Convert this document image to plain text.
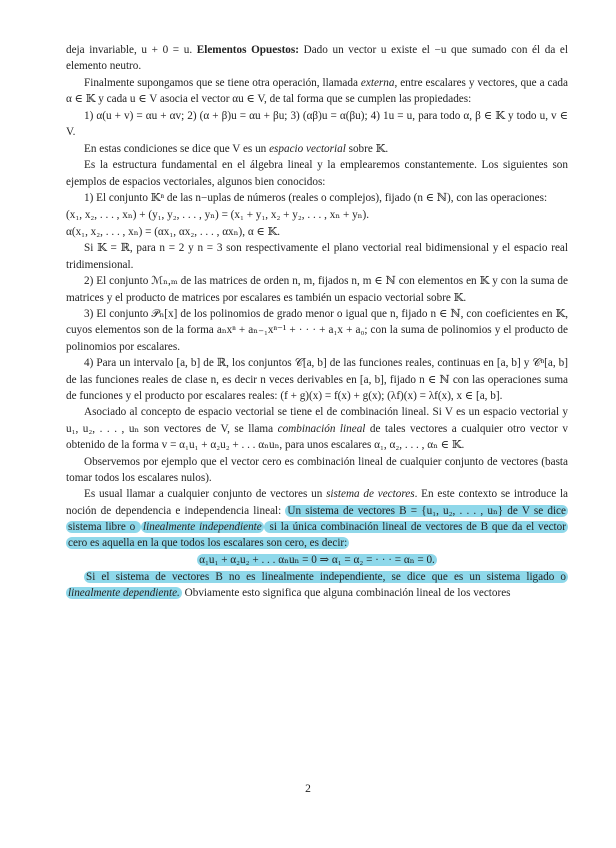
deja invariable, u + 0 = u. Elementos Opuestos: Dado un vector u existe el −u que sumado con él da el elemento neutro.

Finalmente supongamos que se tiene otra operación, llamada externa, entre escalares y vectores, que a cada α ∈ 𝕂 y cada u ∈ V asocia el vector αu ∈ V, de tal forma que se cumplen las propiedades:

1) α(u + v) = αu + αv; 2) (α + β)u = αu + βu; 3) (αβ)u = α(βu); 4) 1u = u, para todo α, β ∈ 𝕂 y todo u, v ∈ V.

En estas condiciones se dice que V es un espacio vectorial sobre 𝕂.

Es la estructura fundamental en el álgebra lineal y la emplearemos constantemente. Los siguientes son ejemplos de espacios vectoriales, algunos bien conocidos:

1) El conjunto 𝕂ⁿ de las n−uplas de números (reales o complejos), fijado (n ∈ ℕ), con las operaciones:

(x₁, x₂, . . . , xₙ) + (y₁, y₂, . . . , yₙ) = (x₁ + y₁, x₂ + y₂, . . . , xₙ + yₙ).

α(x₁, x₂, . . . , xₙ) = (αx₁, αx₂, . . . , αxₙ), α ∈ 𝕂.

Si 𝕂 = ℝ, para n = 2 y n = 3 son respectivamente el plano vectorial real bidimensional y el espacio real tridimensional.

2) El conjunto ℳₙ,ₘ de las matrices de orden n, m, fijados n, m ∈ ℕ con elementos en 𝕂 y con la suma de matrices y el producto de matrices por escalares es también un espacio vectorial sobre 𝕂.

3) El conjunto 𝒫ₙ[x] de los polinomios de grado menor o igual que n, fijado n ∈ ℕ, con coeficientes en 𝕂, cuyos elementos son de la forma aₙxⁿ + aₙ₋₁xⁿ⁻¹ + · · · + a₁x + a₀; con la suma de polinomios y el producto de polinomios por escalares.

4) Para un intervalo [a, b] de ℝ, los conjuntos 𝒞[a, b] de las funciones reales, continuas en [a, b] y 𝒞ⁿ[a, b] de las funciones reales de clase n, es decir n veces derivables en [a, b], fijado n ∈ ℕ con las operaciones suma de funciones y el producto por escalares reales: (f + g)(x) = f(x) + g(x); (λf)(x) = λf(x), x ∈ [a, b].

Asociado al concepto de espacio vectorial se tiene el de combinación lineal. Si V es un espacio vectorial y u₁, u₂, . . . , uₙ son vectores de V, se llama combinación lineal de tales vectores a cualquier otro vector v obtenido de la forma v = α₁u₁ + α₂u₂ + . . . αₙuₙ, para unos escalares α₁, α₂, . . . , αₙ ∈ 𝕂.

Observemos por ejemplo que el vector cero es combinación lineal de cualquier conjunto de vectores (basta tomar todos los escalares nulos).

Es usual llamar a cualquier conjunto de vectores un sistema de vectores. En este contexto se introduce la noción de dependencia e independencia lineal: Un sistema de vectores B = {u₁, u₂, . . . , uₙ} de V se dice sistema libre o linealmente independiente si la única combinación lineal de vectores de B que da el vector cero es aquella en la que todos los escalares son cero, es decir:

α₁u₁ + α₂u₂ + . . . αₙuₙ = 0 ⇒ α₁ = α₂ = · · · = αₙ = 0.

Si el sistema de vectores B no es linealmente independiente, se dice que es un sistema ligado o linealmente dependiente. Obviamente esto significa que alguna combinación lineal de los vectores

2
